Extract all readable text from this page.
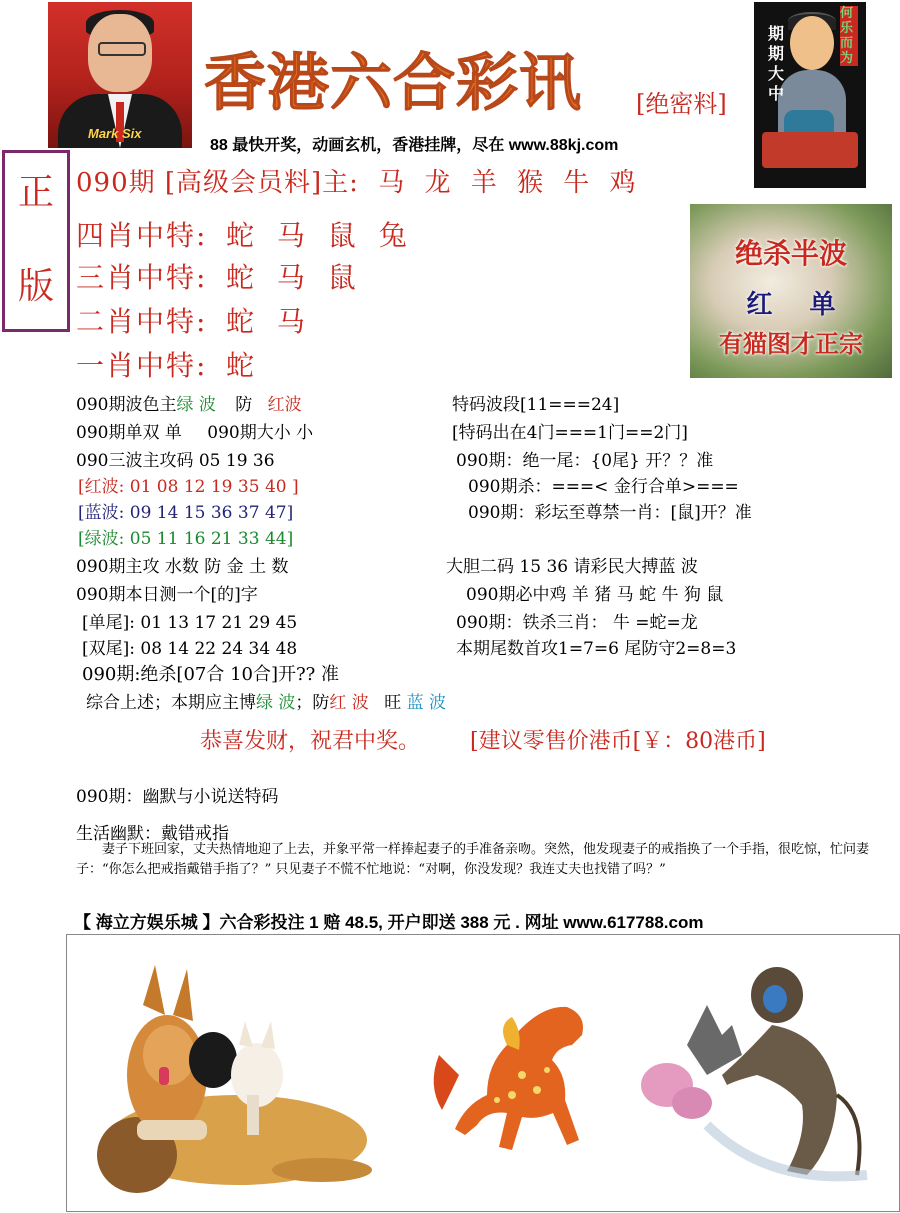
Mark Six
香港六合彩讯 [绝密料]
88 最快开奖，动画玄机，香港挂牌，尽在 www.88kj.com
何乐而为
期期大中
正
版
090期 [高级会员料]主: 马 龙 羊 猴 牛 鸡
四肖中特: 蛇 马 鼠 兔
三肖中特: 蛇 马 鼠
二肖中特: 蛇 马
一肖中特: 蛇
绝杀半波
红 单
有猫图才正宗
090期波色主绿 波 防 红波
090期单双 单 090期大小 小
090三波主攻码 05 19 36
[红波: 01 08 12 19 35 40 ]
[蓝波: 09 14 15 36 37 47]
[绿波: 05 11 16 21 33 44]
090期主攻 水数 防 金 土 数
090期本日测一个[的]字
[单尾]: 01 13 17 21 29 45
[双尾]: 08 14 22 24 34 48
090期:绝杀[07合 10合]开?? 准
综合上述；本期应主博绿 波；防红 波 旺 蓝 波
特码波段[11===24]
[特码出在4门===1门==2门]
090期：绝一尾：{0尾} 开？？准
090期杀：===< 金行合单>===
090期：彩坛至尊禁一肖：[鼠]开？准
大胆二码 15 36 请彩民大搏蓝 波
090期必中鸡 羊 猪 马 蛇 牛 狗 鼠
090期：铁杀三肖： 牛 =蛇=龙
本期尾数首攻1=7=6 尾防守2=8=3
恭喜发财，祝君中奖。 [建议零售价港币[￥：80港币]
090期：幽默与小说送特码
生活幽默：戴错戒指
妻子下班回家，丈夫热情地迎了上去，并象平常一样捧起妻子的手准备亲吻。突然，他发现妻子的戒指换了一个手指，很吃惊，忙问妻子：“你怎么把戒指戴错手指了？” 只见妻子不慌不忙地说：“对啊，你没发现？我连丈夫也找错了吗？”
【 海立方娱乐城 】六合彩投注 1 赔 48.5, 开户即送 388 元 . 网址 www.617788.com
